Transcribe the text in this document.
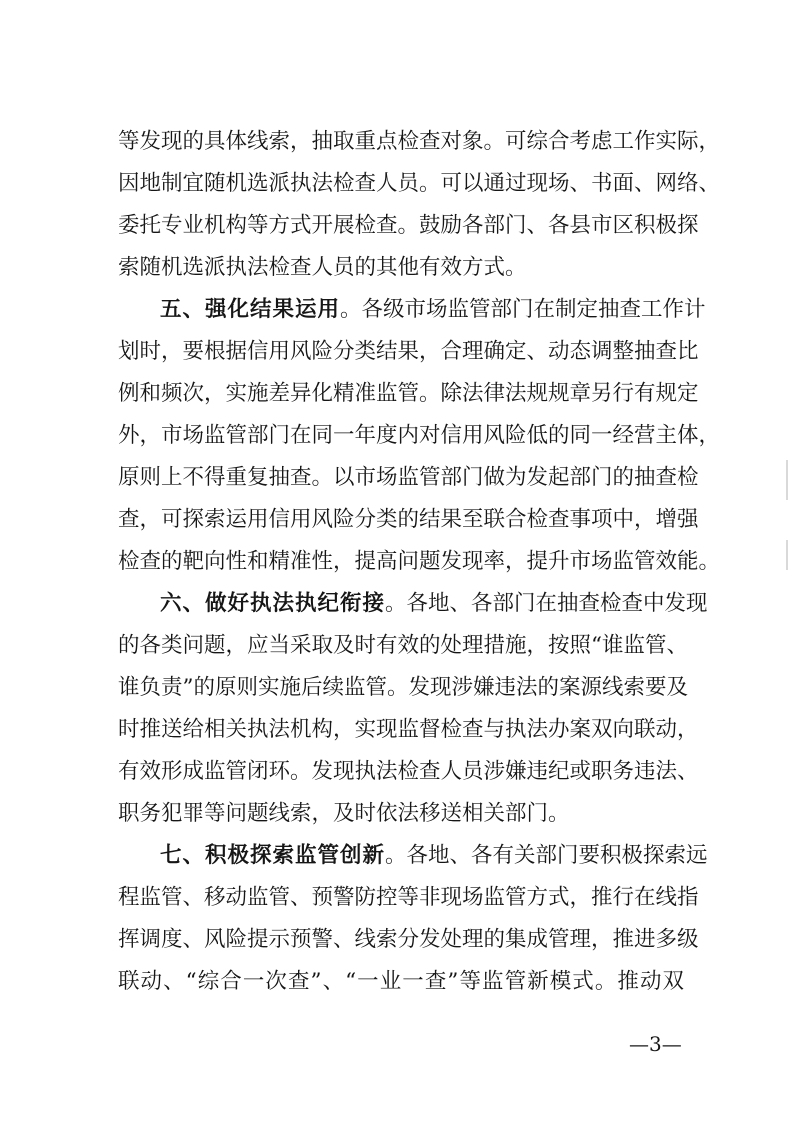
等发现的具体线索，抽取重点检查对象。可综合考虑工作实际，
因地制宜随机选派执法检查人员。可以通过现场、书面、网络、
委托专业机构等方式开展检查。鼓励各部门、各县市区积极探
索随机选派执法检查人员的其他有效方式。
五、强化结果运用。各级市场监管部门在制定抽查工作计
划时，要根据信用风险分类结果，合理确定、动态调整抽查比
例和频次，实施差异化精准监管。除法律法规规章另行有规定
外，市场监管部门在同一年度内对信用风险低的同一经营主体，
原则上不得重复抽查。以市场监管部门做为发起部门的抽查检
查，可探索运用信用风险分类的结果至联合检查事项中，增强
检查的靶向性和精准性，提高问题发现率，提升市场监管效能。
六、做好执法执纪衔接。各地、各部门在抽查检查中发现
的各类问题，应当采取及时有效的处理措施，按照“谁监管、
谁负责”的原则实施后续监管。发现涉嫌违法的案源线索要及
时推送给相关执法机构，实现监督检查与执法办案双向联动，
有效形成监管闭环。发现执法检查人员涉嫌违纪或职务违法、
职务犯罪等问题线索，及时依法移送相关部门。
七、积极探索监管创新。各地、各有关部门要积极探索远
程监管、移动监管、预警防控等非现场监管方式，推行在线指
挥调度、风险提示预警、线索分发处理的集成管理，推进多级
联动、“综合一次查”、“一业一查”等监管新模式。推动双
—3—
